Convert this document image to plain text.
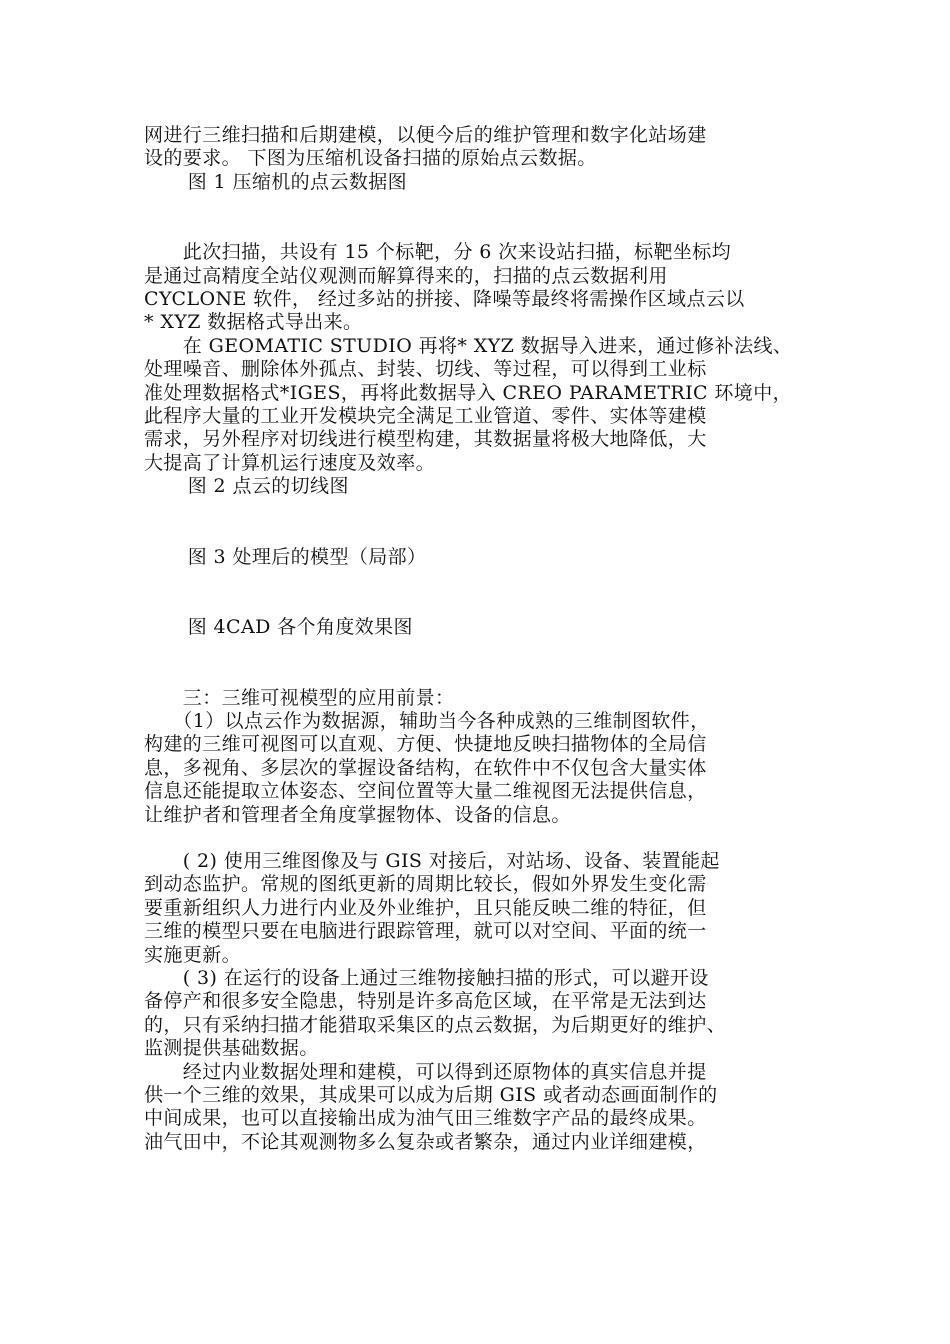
网进行三维扫描和后期建模，以便今后的维护管理和数字化站场建

设的要求。 下图为压缩机设备扫描的原始点云数据。

图 1 压缩机的点云数据图

　　此次扫描，共设有 15 个标靶，分 6 次来设站扫描，标靶坐标均

是通过高精度全站仪观测而解算得来的，扫描的点云数据利用

CYCLONE 软件， 经过多站的拼接、降噪等最终将需操作区域点云以

* XYZ 数据格式导出来。

　　在 GEOMATIC STUDIO 再将* XYZ 数据导入进来，通过修补法线、

处理噪音、删除体外孤点、封装、切线、等过程，可以得到工业标

准处理数据格式*IGES，再将此数据导入 CREO PARAMETRIC 环境中，

此程序大量的工业开发模块完全满足工业管道、零件、实体等建模

需求，另外程序对切线进行模型构建，其数据量将极大地降低，大

大提高了计算机运行速度及效率。

图 2 点云的切线图

图 3 处理后的模型（局部）

图 4CAD 各个角度效果图

　　三：三维可视模型的应用前景：

　　（1）以点云作为数据源，辅助当今各种成熟的三维制图软件，

构建的三维可视图可以直观、方便、快捷地反映扫描物体的全局信

息，多视角、多层次的掌握设备结构，在软件中不仅包含大量实体

信息还能提取立体姿态、空间位置等大量二维视图无法提供信息，

让维护者和管理者全角度掌握物体、设备的信息。

　　( 2) 使用三维图像及与 GIS 对接后，对站场、设备、装置能起

到动态监护。常规的图纸更新的周期比较长，假如外界发生变化需

要重新组织人力进行内业及外业维护，且只能反映二维的特征，但

三维的模型只要在电脑进行跟踪管理，就可以对空间、平面的统一

实施更新。

　　( 3) 在运行的设备上通过三维物接触扫描的形式，可以避开设

备停产和很多安全隐患，特别是许多高危区域，在平常是无法到达

的，只有采纳扫描才能猎取采集区的点云数据，为后期更好的维护、

监测提供基础数据。

　　经过内业数据处理和建模，可以得到还原物体的真实信息并提

供一个三维的效果，其成果可以成为后期 GIS 或者动态画面制作的

中间成果，也可以直接输出成为油气田三维数字产品的最终成果。

油气田中，不论其观测物多么复杂或者繁杂，通过内业详细建模，
